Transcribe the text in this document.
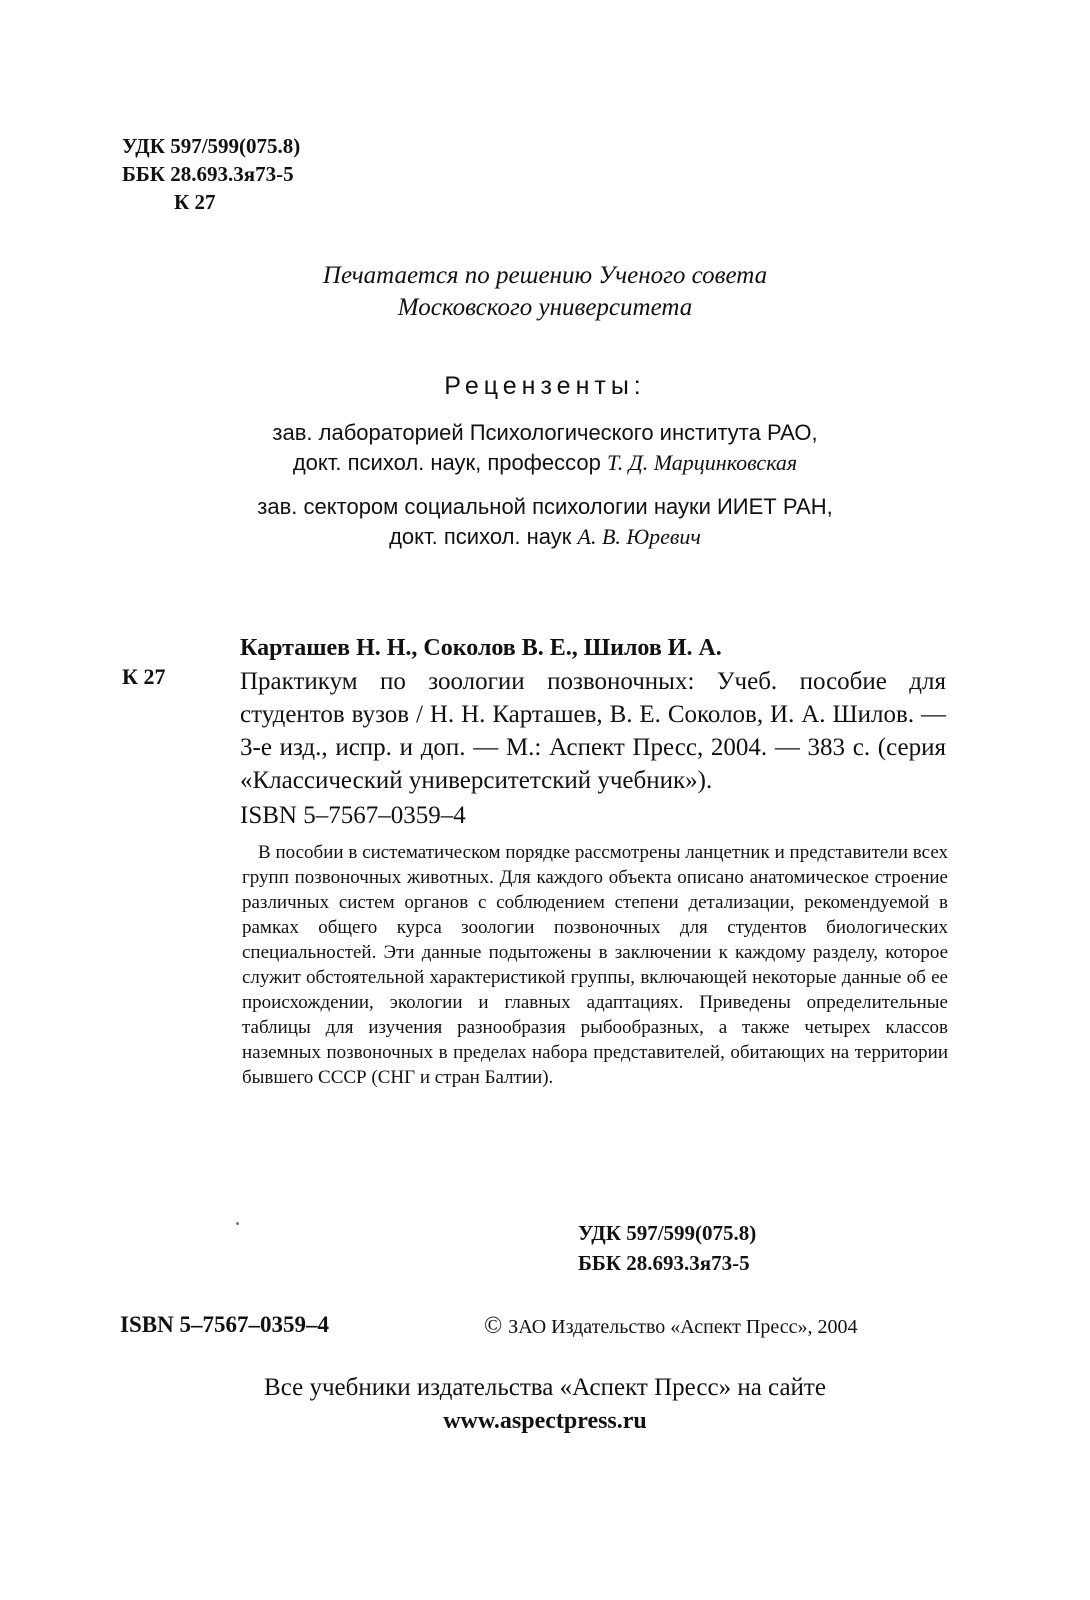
УДК 597/599(075.8)
ББК 28.693.3я73-5
К 27
Печатается по решению Ученого совета
Московского университета
Рецензенты:
зав. лабораторией Психологического института РАО,
докт. психол. наук, профессор Т. Д. Марцинковская
зав. сектором социальной психологии науки ИИЕТ РАН,
докт. психол. наук А. В. Юревич
К 27
Карташев Н. Н., Соколов В. Е., Шилов И. А.
Практикум по зоологии позвоночных: Учеб. пособие для студентов вузов / Н. Н. Карташев, В. Е. Соколов, И. А. Шилов. — 3-е изд., испр. и доп. — М.: Аспект Пресс, 2004. — 383 с. (серия «Классический университетский учебник»).
ISBN 5–7567–0359–4
В пособии в систематическом порядке рассмотрены ланцетник и представители всех групп позвоночных животных. Для каждого объекта описано анатомическое строение различных систем органов с соблюдением степени детализации, рекомендуемой в рамках общего курса зоологии позвоночных для студентов биологических специальностей. Эти данные подытожены в заключении к каждому разделу, которое служит обстоятельной характеристикой группы, включающей некоторые данные об ее происхождении, экологии и главных адаптациях. Приведены определительные таблицы для изучения разнообразия рыбообразных, а также четырех классов наземных позвоночных в пределах набора представителей, обитающих на территории бывшего СССР (СНГ и стран Балтии).
УДК 597/599(075.8)
ББК 28.693.3я73-5
ISBN 5–7567–0359–4	© ЗАО Издательство «Аспект Пресс», 2004
Все учебники издательства «Аспект Пресс» на сайте
www.aspectpress.ru
